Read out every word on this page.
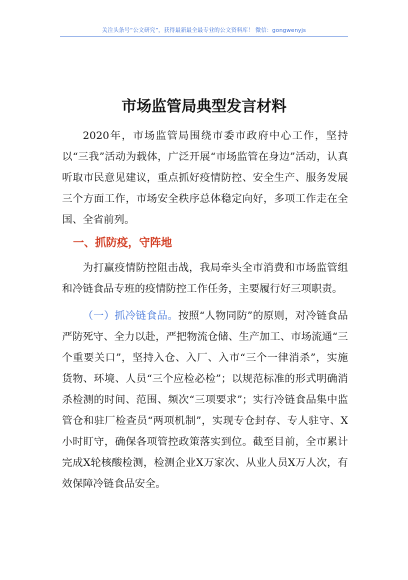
关注头条号“公文研究”，获得最新最全最专业的公文资料库！ 微信：gongwenyjs
市场监管局典型发言材料
2020年，市场监管局围绕市委市政府中心工作，坚持以“三我”活动为载体，广泛开展“市场监管在身边”活动，认真听取市民意见建议，重点抓好疫情防控、安全生产、服务发展三个方面工作，市场安全秩序总体稳定向好，多项工作走在全国、全省前列。
一、抓防疫，守阵地
为打赢疫情防控阻击战，我局牵头全市消费和市场监管组和冷链食品专班的疫情防控工作任务，主要履行好三项职责。
（一）抓冷链食品。按照“人物同防”的原则，对冷链食品严防死守、全力以赴，严把物流仓储、生产加工、市场流通“三个重要关口”，坚持入仓、入厂、入市“三个一律消杀”，实施货物、环境、人员“三个应检必检”；以规范标准的形式明确消杀检测的时间、范围、频次“三项要求”；实行冷链食品集中监管仓和驻厂检查员“两项机制”，实现专仓封存、专人驻守、X小时盯守，确保各项管控政策落实到位。截至目前，全市累计完成X轮核酸检测，检测企业X万家次、从业人员X万人次，有效保障冷链食品安全。
